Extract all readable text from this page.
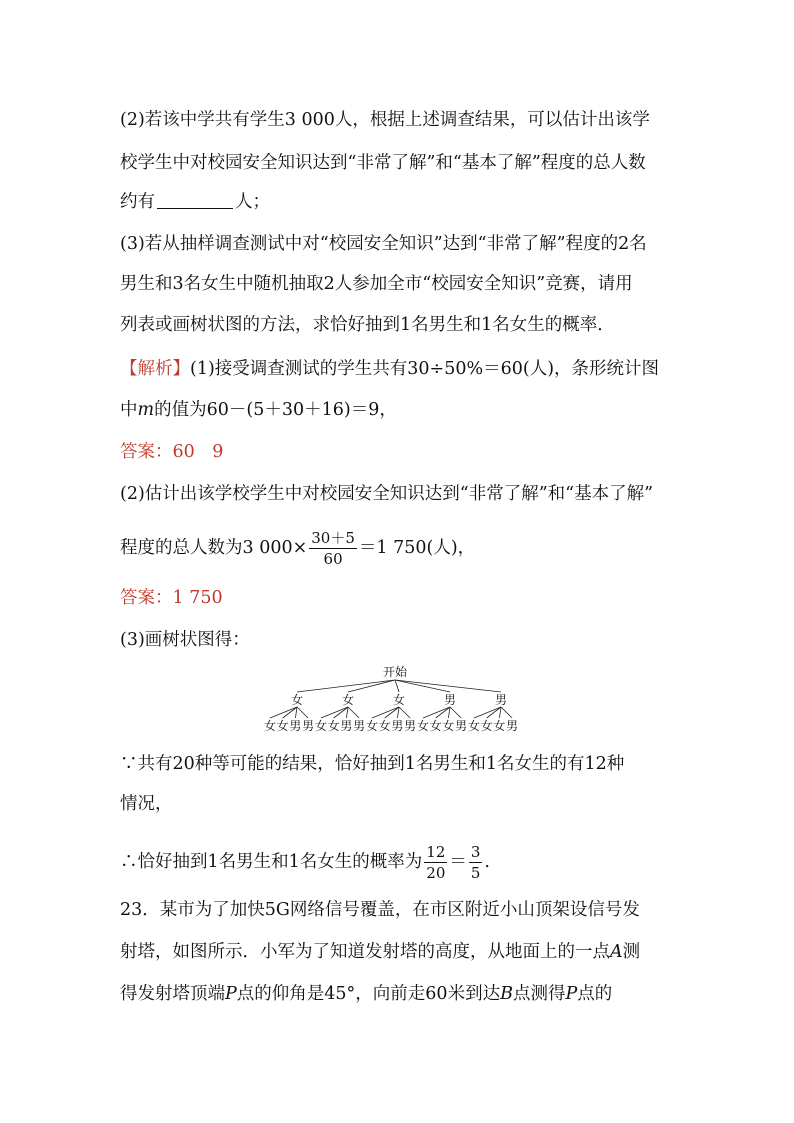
(2)若该中学共有学生3 000人，根据上述调查结果，可以估计出该学
校学生中对校园安全知识达到“非常了解”和“基本了解”程度的总人数
约有	人；
(3)若从抽样调查测试中对“校园安全知识”达到“非常了解”程度的2名
男生和3名女生中随机抽取2人参加全市“校园安全知识”竞赛，请用
列表或画树状图的方法，求恰好抽到1名男生和1名女生的概率．
【解析】(1)接受调查测试的学生共有30÷50%＝60(人)，条形统计图
中m的值为60－(5＋30＋16)＝9，
答案：60　9
(2)估计出该学校学生中对校园安全知识达到“非常了解”和“基本了解”
程度的总人数为3 $000\times \frac{30+5}{60} =1$ 750(人)，
答案：1 750
(3)画树状图得：
开始
女
女 女 男 男
女
女 女 男 男
女
女 女 男 男
男
女 女 女 男
男
女 女 女 男
∵共有20种等可能的结果，恰好抽到1名男生和1名女生的有12种
情况，
∴恰好抽到1名男生和1名女生的概率为 $\frac{12}{20} = \frac{3}{5}$ .
23．某市为了加快5G网络信号覆盖，在市区附近小山顶架设信号发
射塔，如图所示．小军为了知道发射塔的高度，从地面上的一点A测
得发射塔顶端P点的仰角是45°，向前走60米到达B点测得P点的
